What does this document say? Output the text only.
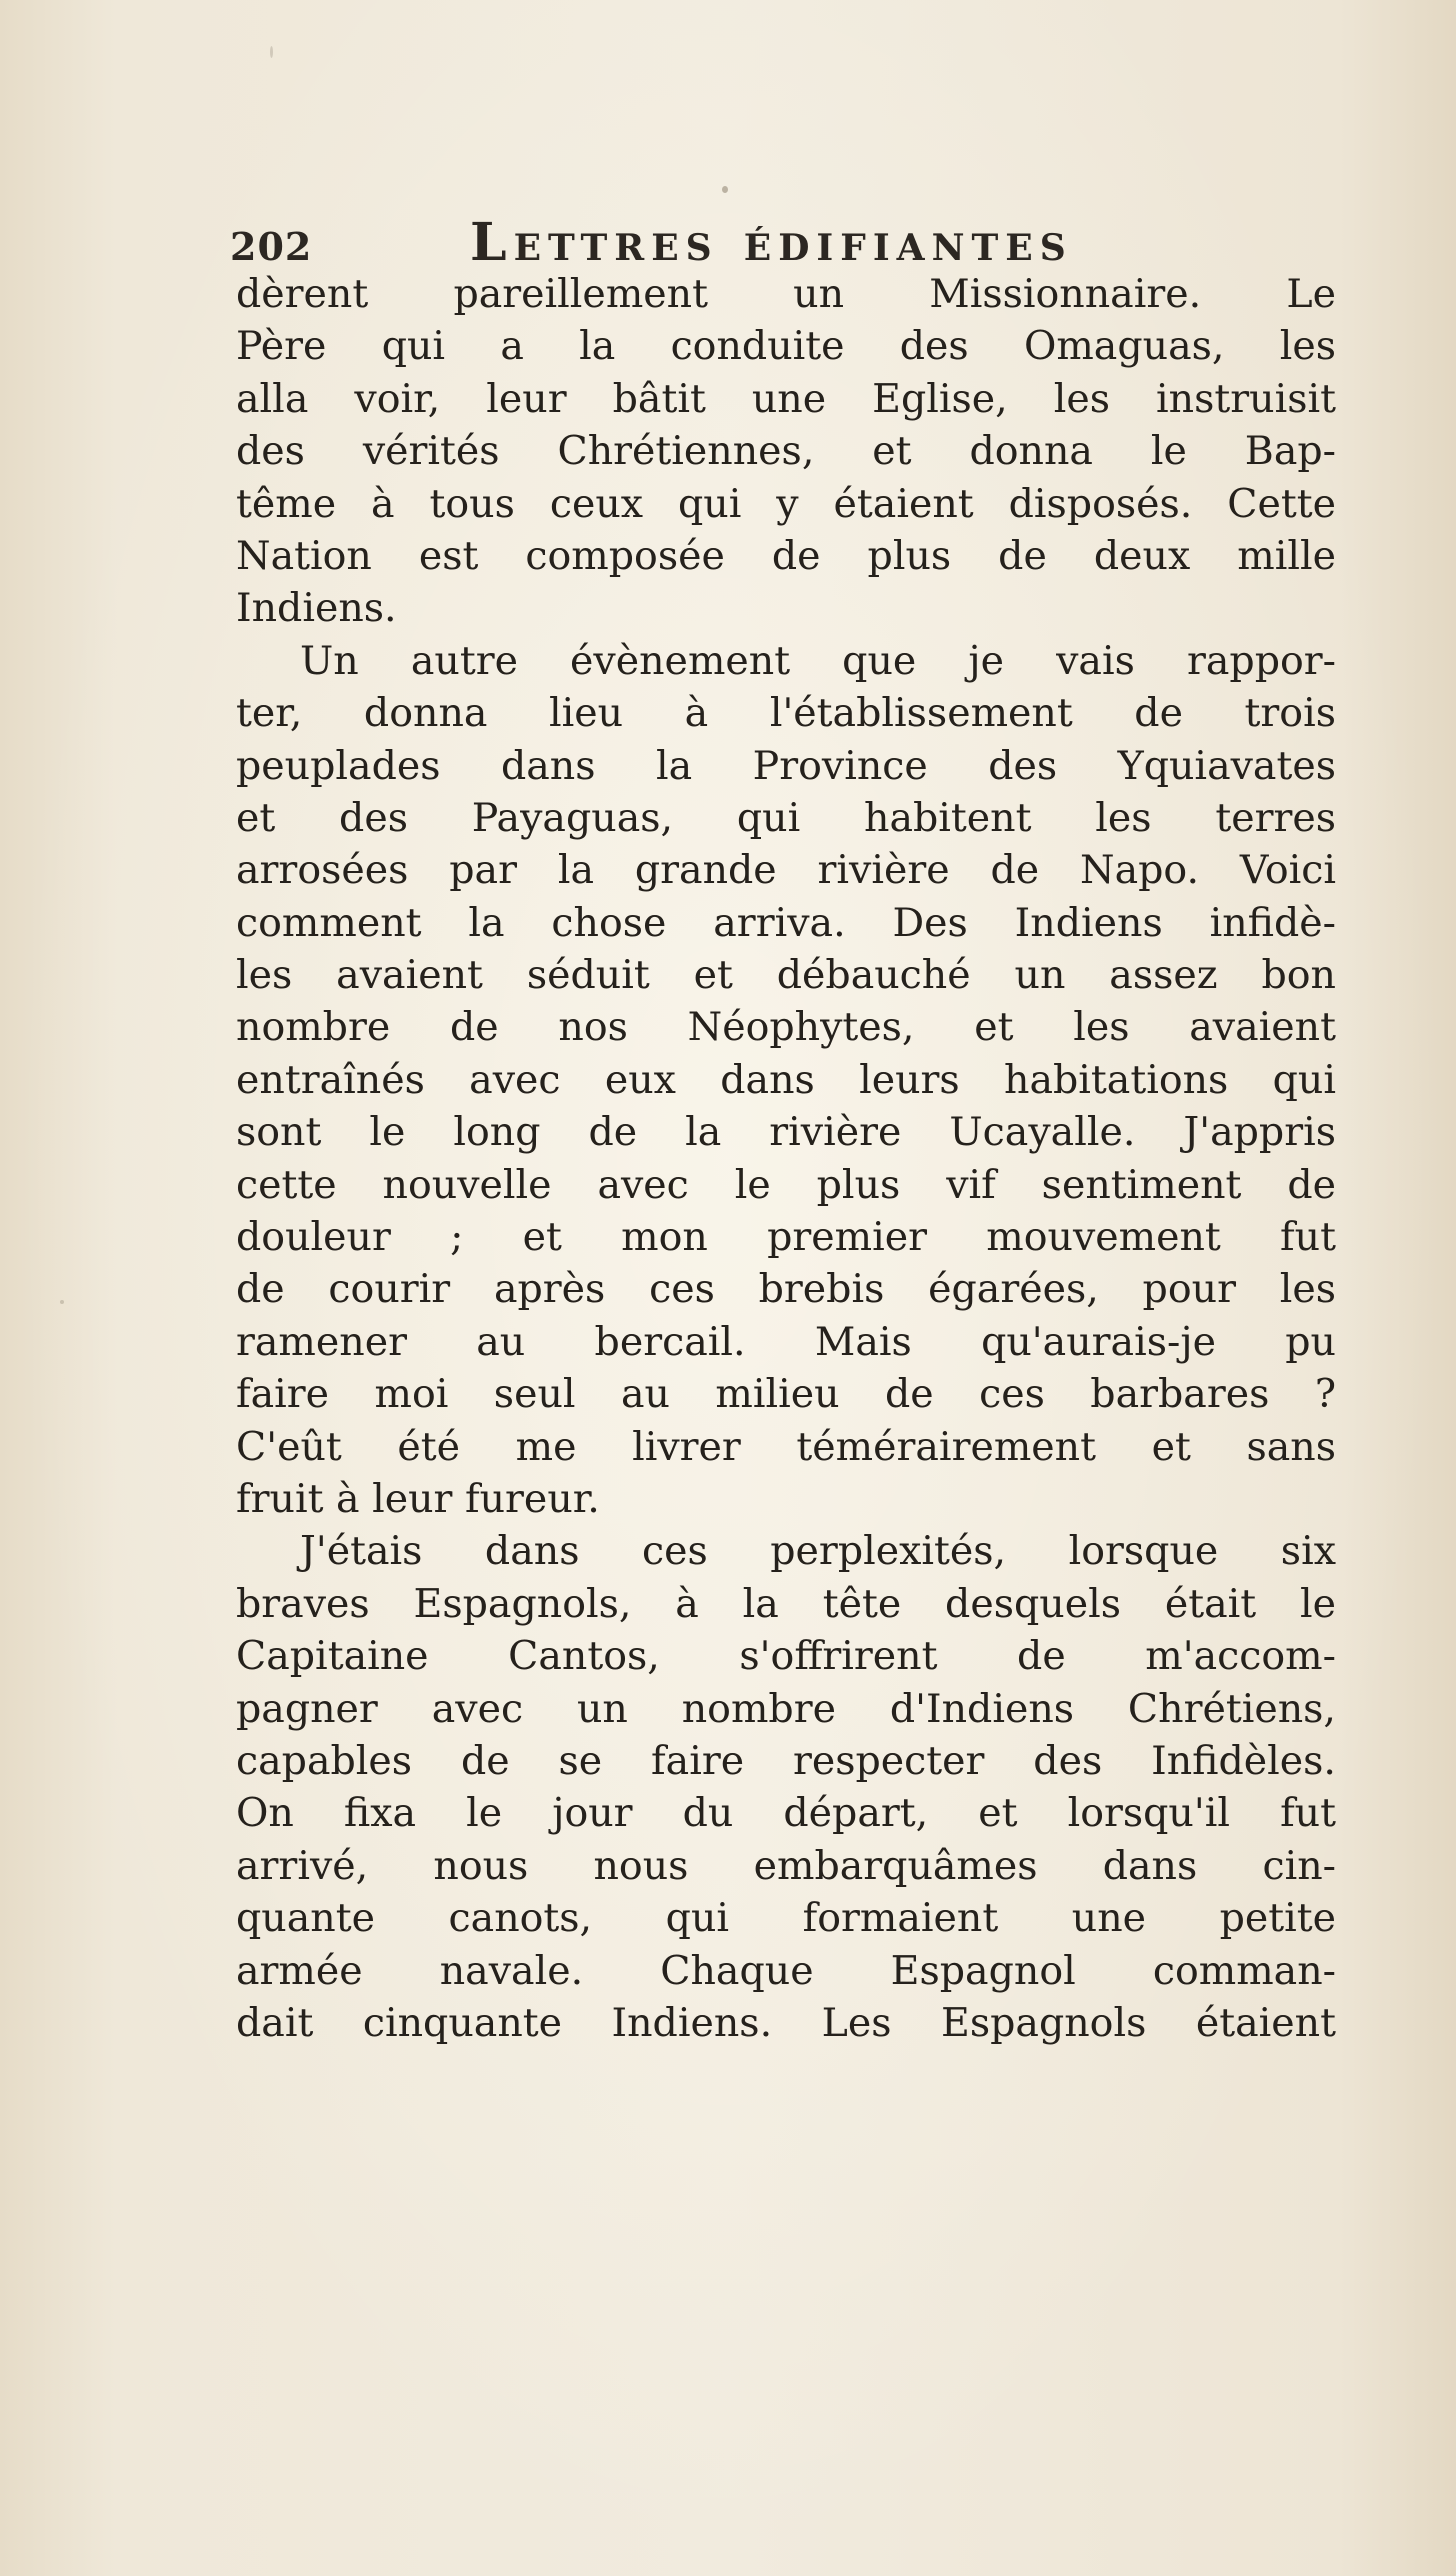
202	Lettres édifiantes
dèrent pareillement un Missionnaire. Le
Père qui a la conduite des Omaguas, les
alla voir, leur bâtit une Eglise, les instruisit
des vérités Chrétiennes, et donna le Bap-
tême à tous ceux qui y étaient disposés. Cette
Nation est composée de plus de deux mille
Indiens.
Un autre évènement que je vais rappor-
ter, donna lieu à l'établissement de trois
peuplades dans la Province des Yquiavates
et des Payaguas, qui habitent les terres
arrosées par la grande rivière de Napo. Voici
comment la chose arriva. Des Indiens infidè-
les avaient séduit et débauché un assez bon
nombre de nos Néophytes, et les avaient
entraînés avec eux dans leurs habitations qui
sont le long de la rivière Ucayalle. J'appris
cette nouvelle avec le plus vif sentiment de
douleur ; et mon premier mouvement fut
de courir après ces brebis égarées, pour les
ramener au bercail. Mais qu'aurais-je pu
faire moi seul au milieu de ces barbares ?
C'eût été me livrer témérairement et sans
fruit à leur fureur.
J'étais dans ces perplexités, lorsque six
braves Espagnols, à la tête desquels était le
Capitaine Cantos, s'offrirent de m'accom-
pagner avec un nombre d'Indiens Chrétiens,
capables de se faire respecter des Infidèles.
On fixa le jour du départ, et lorsqu'il fut
arrivé, nous nous embarquâmes dans cin-
quante canots, qui formaient une petite
armée navale. Chaque Espagnol comman-
dait cinquante Indiens. Les Espagnols étaient
